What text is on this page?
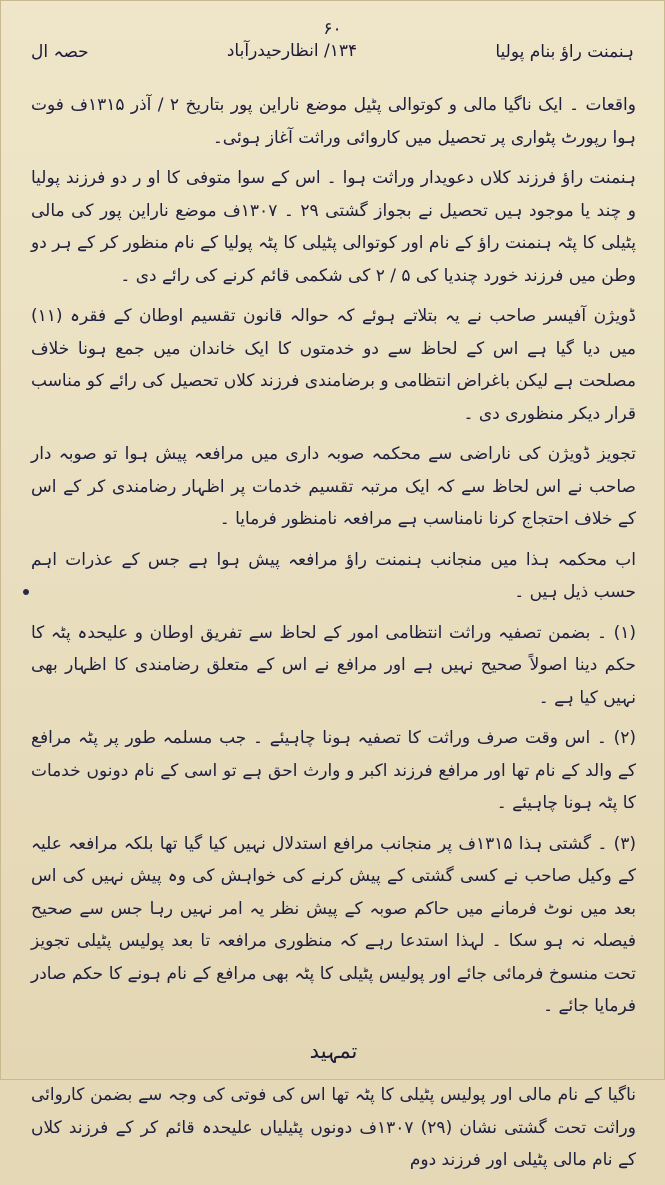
۶۰
ہنمنت راؤ بنام پولیا
۱۳۴/ انظارحیدرآباد
حصہ ال

واقعات ۔ ایک ناگیا مالی و کوتوالی پٹیل موضع ناراین پور بتاریخ ۲ / آذر ۱۳۱۵ف فوت ہوا رپورٹ پٹواری پر تحصیل میں کاروائی وراثت آغاز ہوئی۔

ہنمنت راؤ فرزند کلاں دعویدار وراثت ہوا ۔ اس کے سوا متوفی کا او ر دو فرزند پولیا و چند یا موجود ہیں تحصیل نے بجواز گشتی ۲۹ ۔ ۱۳۰۷ف موضع ناراین پور کی مالی پٹیلی کا پٹہ ہنمنت راؤ کے نام اور کوتوالی پٹیلی کا پٹہ پولیا کے نام منظور کر کے ہر دو وطن میں فرزند خورد چندیا کی ۵ / ۲ کی شکمی قائم کرنے کی رائے دی ۔

ڈویژن آفیسر صاحب نے یہ بتلاتے ہوئے کہ حوالہ قانون تقسیم اوطان کے فقرہ (۱۱) میں دیا گیا ہے اس کے لحاظ سے دو خدمتوں کا ایک خاندان میں جمع ہونا خلاف مصلحت ہے لیکن باغراض انتظامی و برضامندی فرزند کلاں تحصیل کی رائے کو مناسب قرار دیکر منظوری دی ۔

تجویز ڈویژن کی ناراضی سے محکمہ صوبہ داری میں مرافعہ پیش ہوا تو صوبہ دار صاحب نے اس لحاظ سے کہ ایک مرتبہ تقسیم خدمات پر اظہار رضامندی کر کے اس کے خلاف احتجاج کرنا نامناسب ہے مرافعہ نامنظور فرمایا ۔

اب محکمہ ہذا میں منجانب ہنمنت راؤ مرافعہ پیش ہوا ہے جس کے عذرات اہم حسب ذیل ہیں ۔

(۱) ۔ بضمن تصفیہ وراثت انتظامی امور کے لحاظ سے تفریق اوطان و علیحدہ پٹہ کا حکم دینا اصولاً صحیح نہیں ہے اور مرافع نے اس کے متعلق رضامندی کا اظہار بھی نہیں کیا ہے ۔

(۲) ۔ اس وقت صرف وراثت کا تصفیہ ہونا چاہیئے ۔ جب مسلمہ طور پر پٹہ مرافع کے والد کے نام تھا اور مرافع فرزند اکبر و وارث احق ہے تو اسی کے نام دونوں خدمات کا پٹہ ہونا چاہیئے ۔

(۳) ۔ گشتی ہذا ۱۳۱۵ف پر منجانب مرافع استدلال نہیں کیا گیا تھا بلکہ مرافعہ علیہ کے وکیل صاحب نے کسی گشتی کے پیش کرنے کی خواہش کی وہ پیش نہیں کی اس بعد میں نوٹ فرمانے میں حاکم صوبہ کے پیش نظر یہ امر نہیں رہا جس سے صحیح فیصلہ نہ ہو سکا ۔ لہذا استدعا رہے کہ منظوری مرافعہ تا بعد پولیس پٹیلی تجویز تحت منسوخ فرمائی جائے اور پولیس پٹیلی کا پٹہ بھی مرافع کے نام ہونے کا حکم صادر فرمایا جائے ۔

تمہید

ناگیا کے نام مالی اور پولیس پٹیلی کا پٹہ تھا اس کی فوتی کی وجہ سے بضمن کاروائی وراثت تحت گشتی نشان (۲۹) ۱۳۰۷ف دونوں پٹیلیاں علیحدہ قائم کر کے فرزند کلاں کے نام مالی پٹیلی اور فرزند دوم
